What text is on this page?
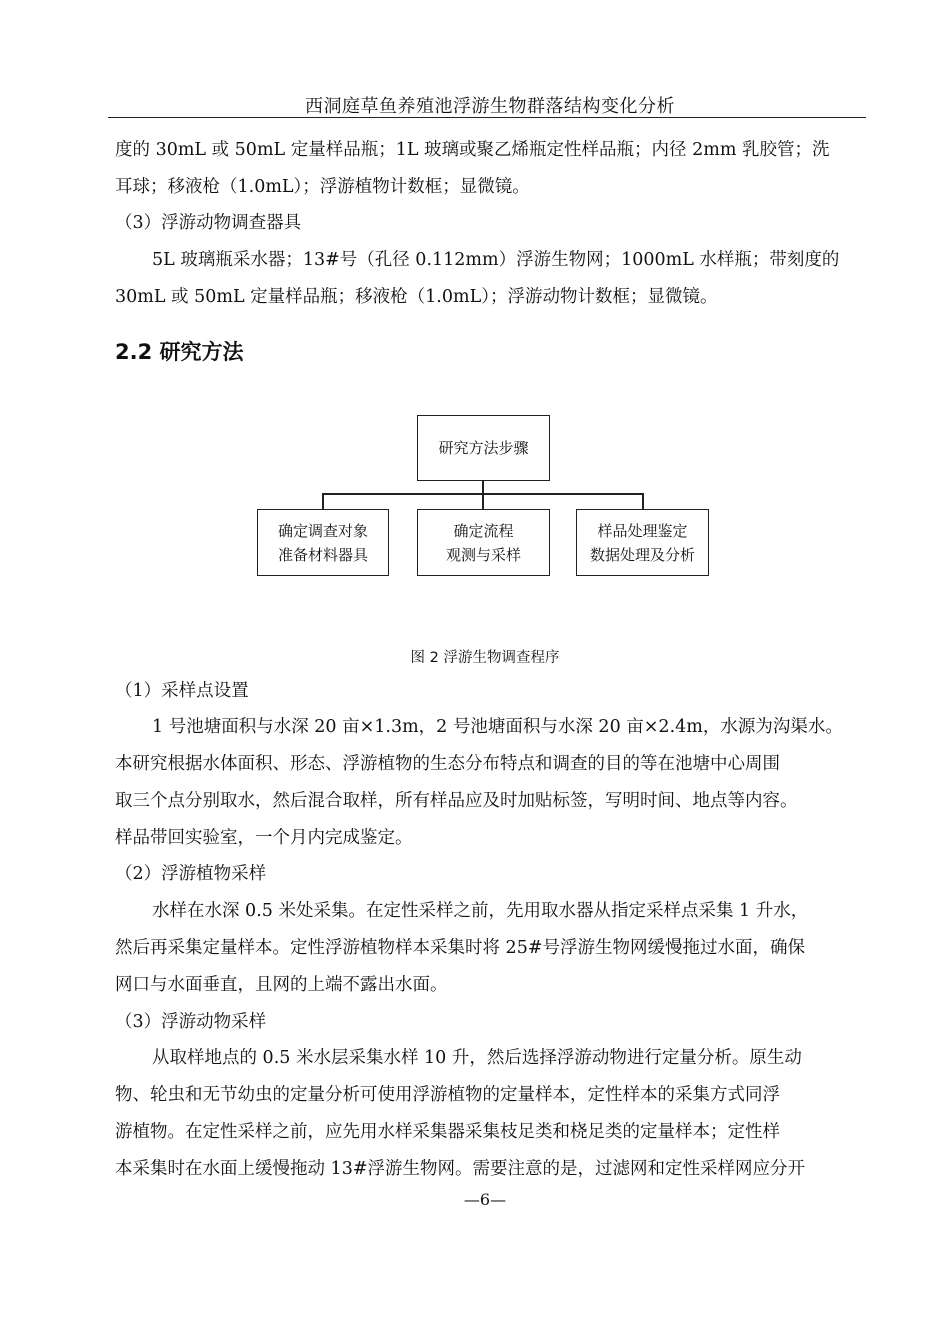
西洞庭草鱼养殖池浮游生物群落结构变化分析
度的 30mL 或 50mL 定量样品瓶；1L 玻璃或聚乙烯瓶定性样品瓶；内径 2mm 乳胶管；洗
耳球；移液枪（1.0mL）；浮游植物计数框；显微镜。
（3）浮游动物调查器具
5L 玻璃瓶采水器；13#号（孔径 0.112mm）浮游生物网；1000mL 水样瓶；带刻度的
30mL 或 50mL 定量样品瓶；移液枪（1.0mL）；浮游动物计数框；显微镜。
2.2 研究方法
研究方法步骤
确定调查对象
准备材料器具
确定流程
观测与采样
样品处理鉴定
数据处理及分析
图 2 浮游生物调查程序
（1）采样点设置
1 号池塘面积与水深 20 亩×1.3m，2 号池塘面积与水深 20 亩×2.4m，水源为沟渠水。
本研究根据水体面积、形态、浮游植物的生态分布特点和调查的目的等在池塘中心周围
取三个点分别取水，然后混合取样，所有样品应及时加贴标签，写明时间、地点等内容。
样品带回实验室，一个月内完成鉴定。
（2）浮游植物采样
水样在水深 0.5 米处采集。在定性采样之前，先用取水器从指定采样点采集 1 升水，
然后再采集定量样本。定性浮游植物样本采集时将 25#号浮游生物网缓慢拖过水面，确保
网口与水面垂直，且网的上端不露出水面。
（3）浮游动物采样
从取样地点的 0.5 米水层采集水样 10 升，然后选择浮游动物进行定量分析。原生动
物、轮虫和无节幼虫的定量分析可使用浮游植物的定量样本，定性样本的采集方式同浮
游植物。在定性采样之前，应先用水样采集器采集枝足类和桡足类的定量样本；定性样
本采集时在水面上缓慢拖动 13#浮游生物网。需要注意的是，过滤网和定性采样网应分开
—6—
